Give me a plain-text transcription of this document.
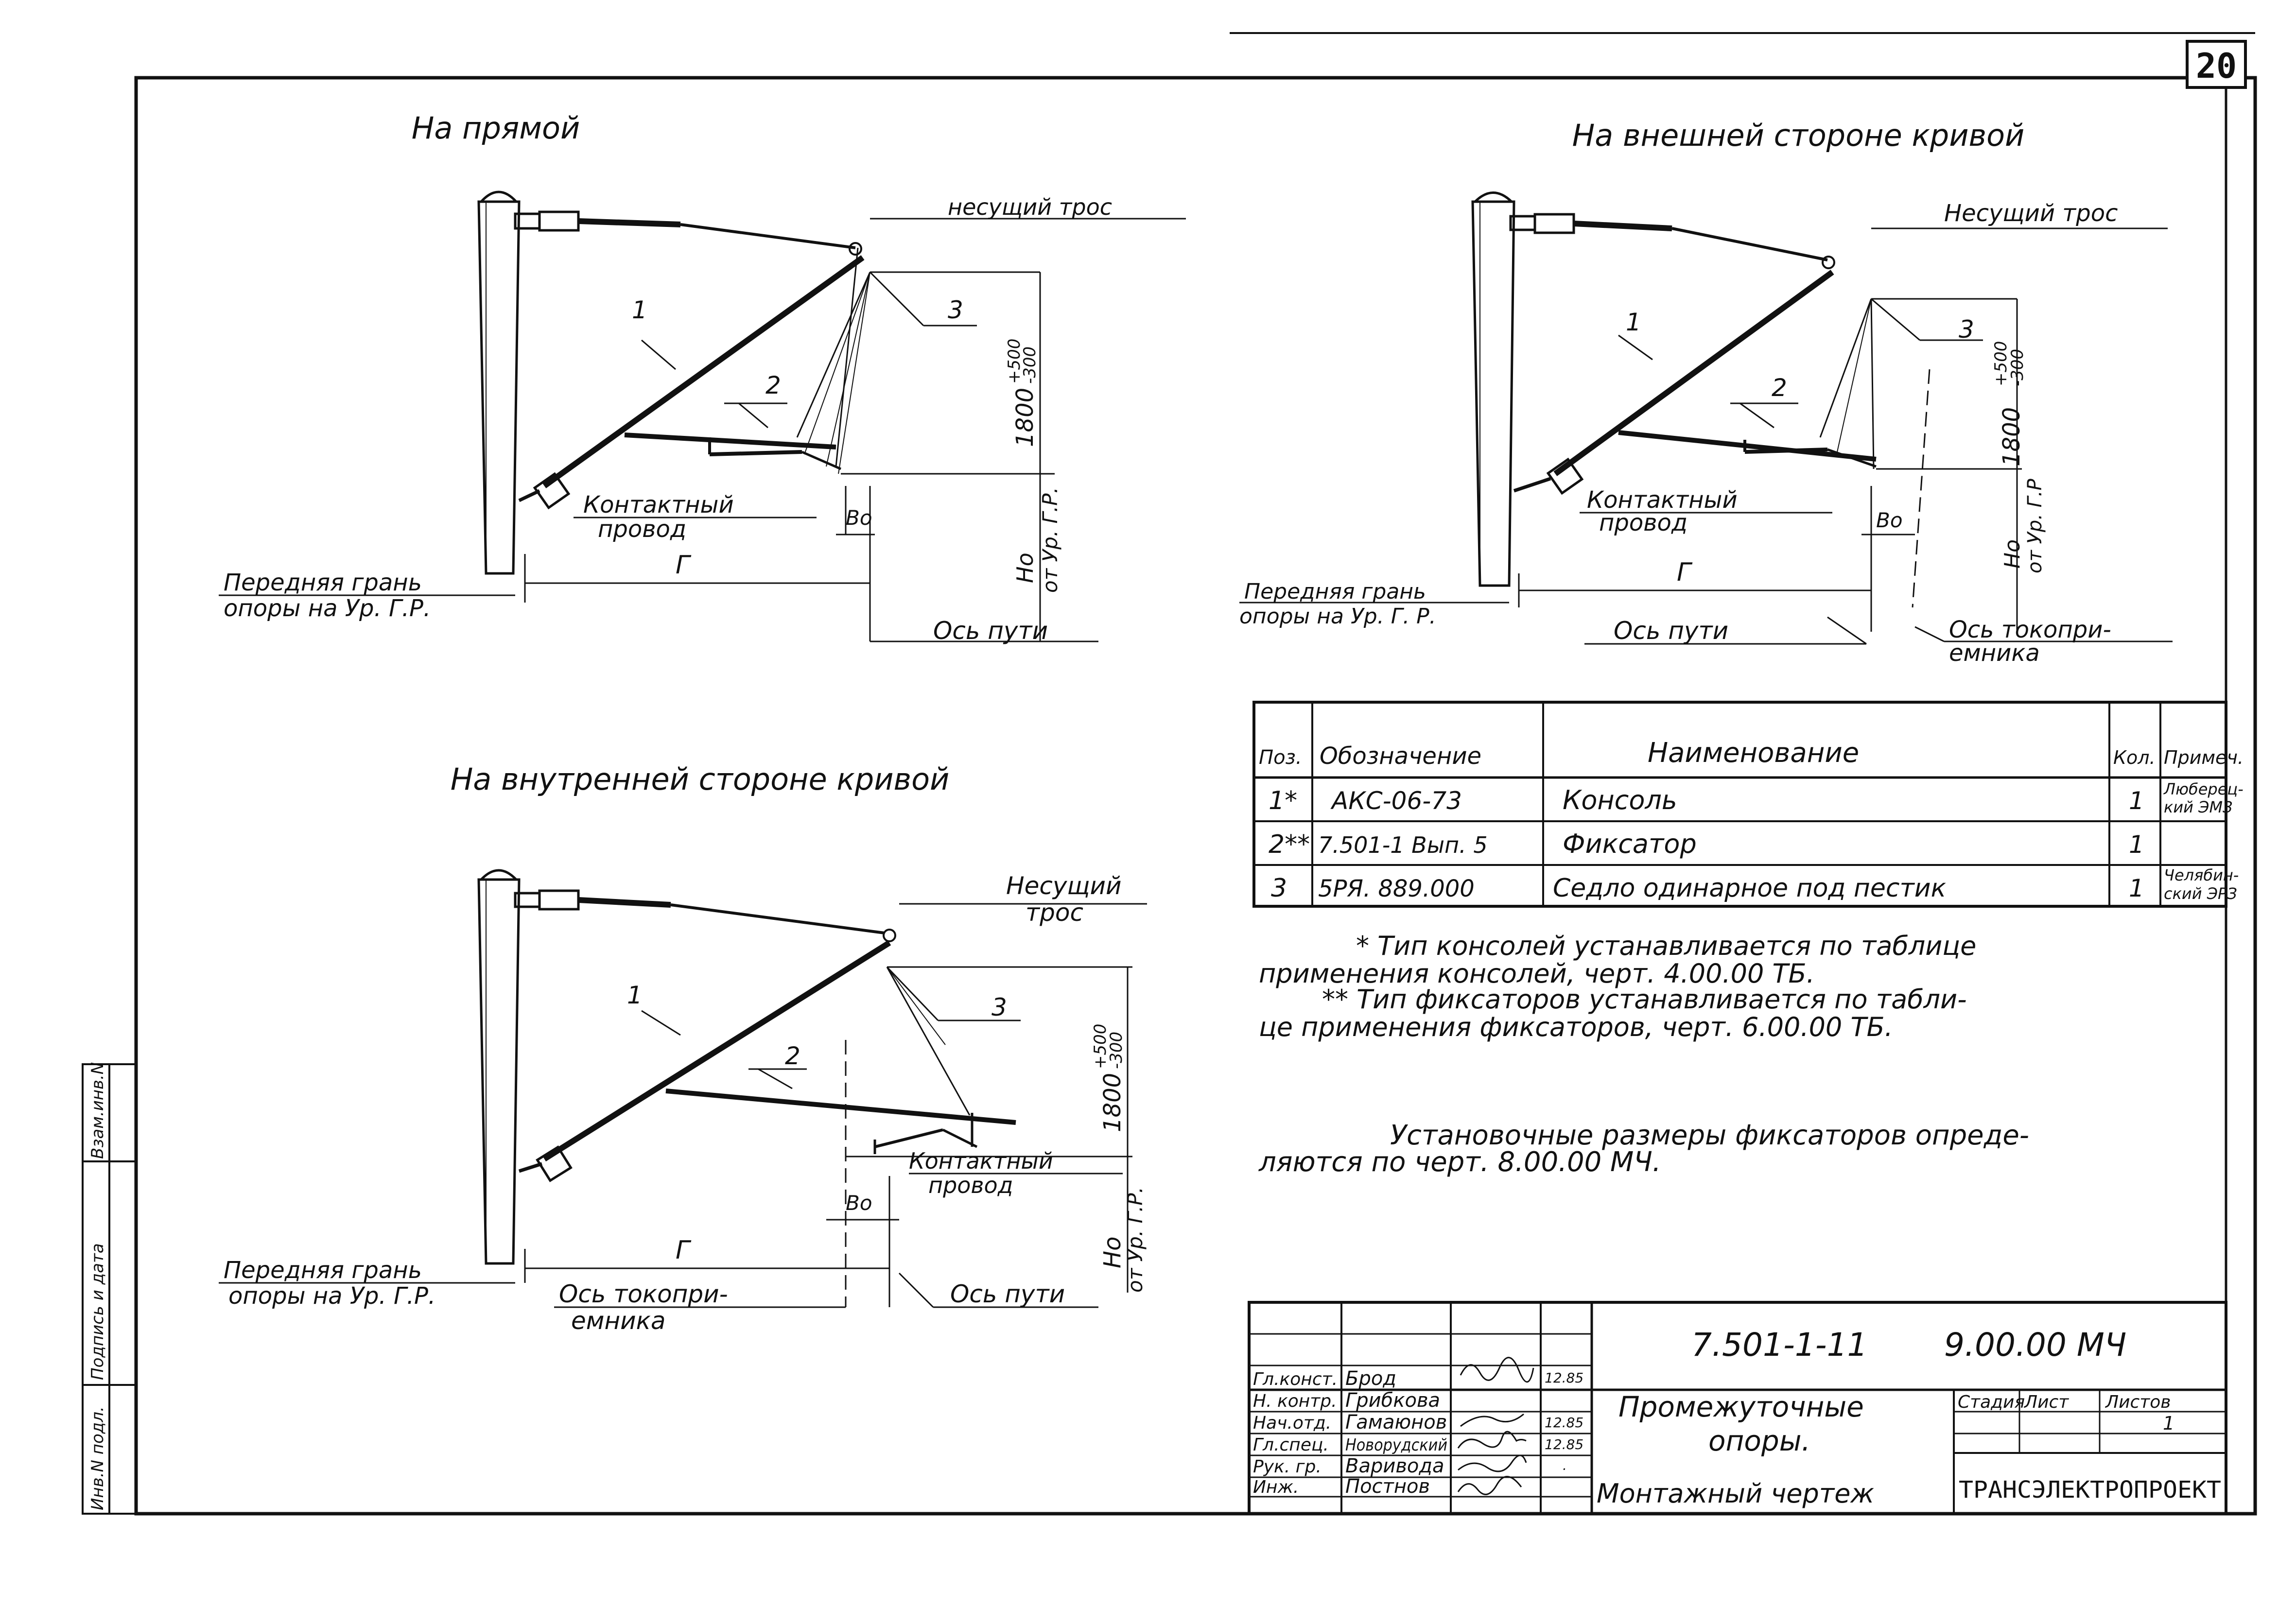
20
Взам.инв.N
Подпись и дата
Инв.N подл.
На прямой
несущий трос
1
2
3
Контактный
провод
Передняя грань
опоры на Ур. Г.Р.
Г
Во
1800
+500
-300
Но от Ур. Г.Р.
Ось пути
На внешней стороне кривой
Несущий трос
1
2
3
Контактный
провод
Передняя грань
опоры на Ур. Г. Р.
Г
Во
1800
+500
-300
Но
от Ур. Г.Р
Ось пути	Ось токопри-
емника
На внутренней стороне кривой
Несущий
трос
1
2
3
Контактный
провод
Передняя грань
опоры на Ур. Г.Р.
Г
Во
1800
+500
-300
Но
от Ур. Г.Р.
Ось токопри-
емника
Ось пути
Поз. Обозначение	Наименование	Кол. Примеч.
1* АКС-06-73	Консоль	1 Люберец-
кий ЭМЗ
2** 7.501-1 Вып. 5	Фиксатор	1
3 5РЯ. 889.000	Седло одинарное под пестик	1 Челябин-
ский ЭРЗ
* Тип консолей устанавливается по таблице
применения консолей, черт. 4.00.00 ТБ.
** Тип фиксаторов устанавливается по табли-
це применения фиксаторов, черт. 6.00.00 ТБ.
Установочные размеры фиксаторов опреде-
ляются по черт. 8.00.00 МЧ.
7.501-1-11 9.00.00 МЧ
Промежуточные
опоры.
Монтажный чертеж
Стадия
Лист Листов
1
ТРАНСЭЛЕКТРОПРОЕКТ
Гл.конст. Брод	12.85
Н. контр. Грибкова
Нач.отд. Гамаюнов	12.85
Гл.спец. Новорудский	12.85
Рук. гр. Варивода	.
Инж. Постнов
